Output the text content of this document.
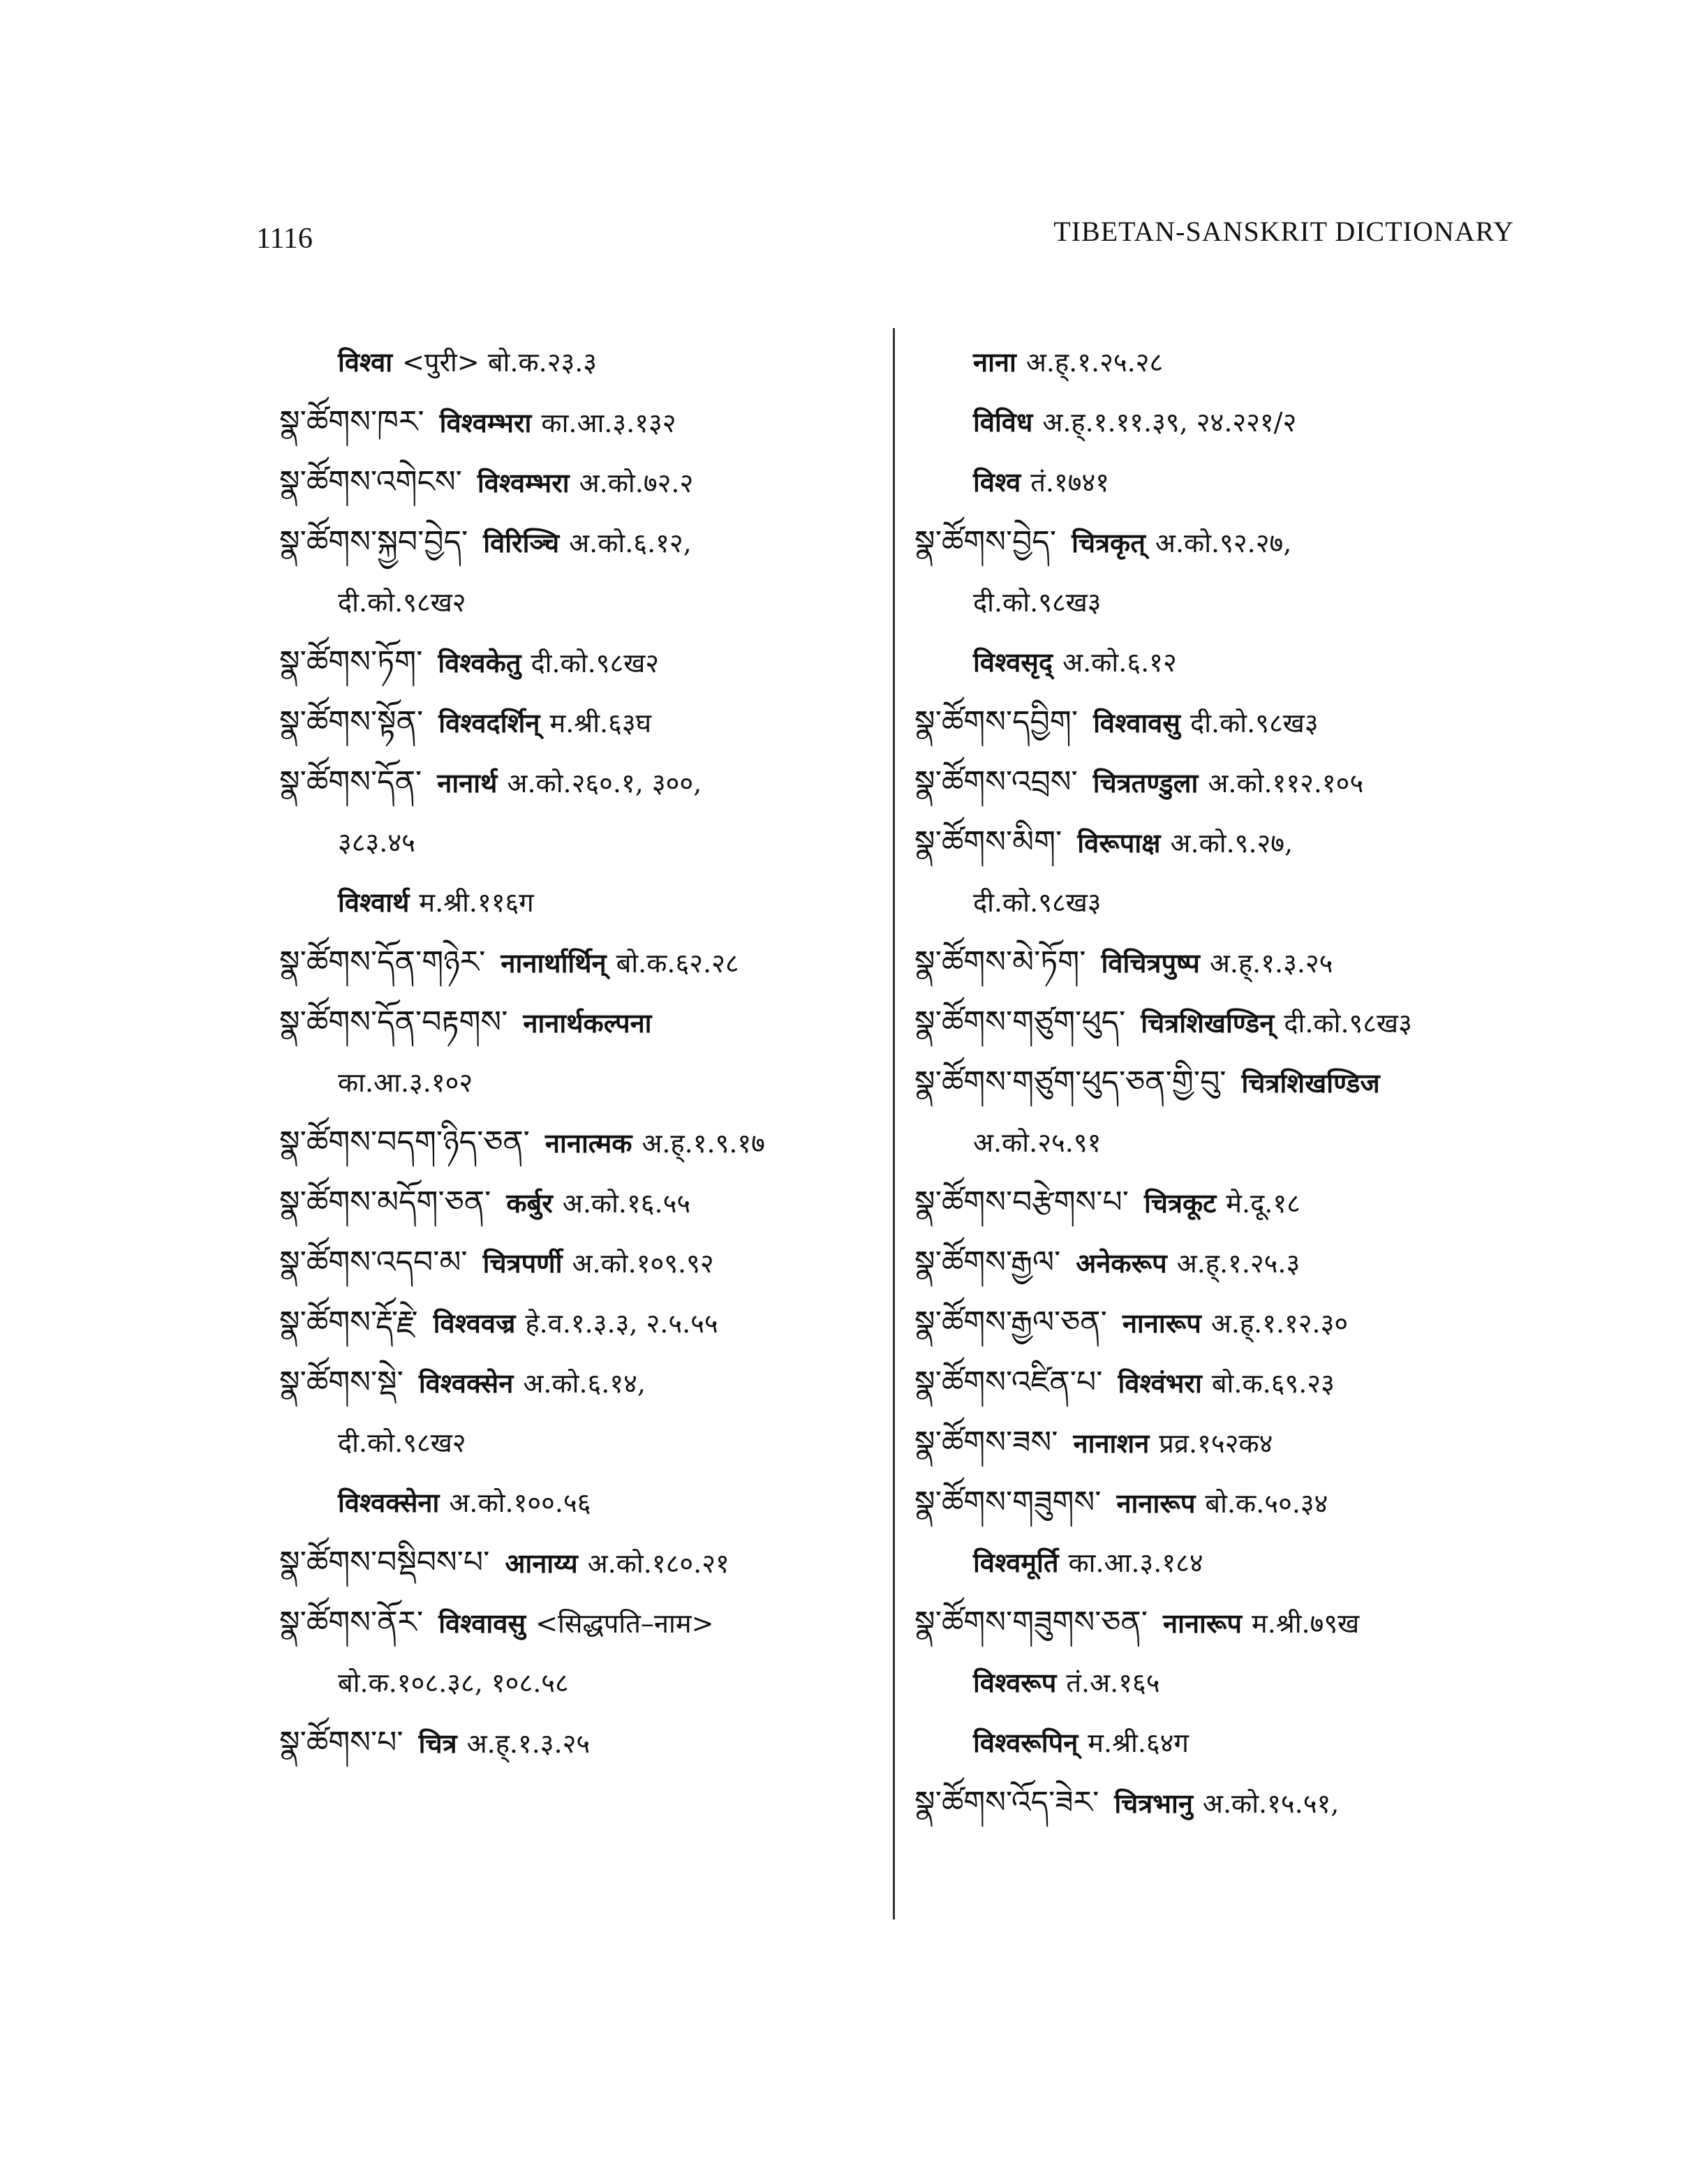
1116	TIBETAN-SANSKRIT DICTIONARY
विश्वा <पुरी> बो.क.२३.३
སྣ་ཚོགས་ཁར་ विश्वम्भरा का.आ.३.१३२
སྣ་ཚོགས་འགེངས་ विश्वम्भरा अ.को.७२.२
སྣ་ཚོགས་སྐྱབ་བྱེད་ विरिञ्चि अ.को.६.१२,
दी.को.९८ख२
སྣ་ཚོགས་ཏོག་ विश्वकेतु दी.को.९८ख२
སྣ་ཚོགས་སྟོན་ विश्वदर्शिन् म.श्री.६३घ
སྣ་ཚོགས་དོན་ नानार्थ अ.को.२६०.१, ३००,
३८३.४५
विश्वार्थ म.श्री.११६ग
སྣ་ཚོགས་དོན་གཉེར་ नानार्थार्थिन् बो.क.६२.२८
སྣ་ཚོགས་དོན་བརྟགས་ नानार्थकल्पना
का.आ.३.१०२
སྣ་ཚོགས་བདག་ཉིད་ཅན་ नानात्मक अ.ह्.१.९.१७
སྣ་ཚོགས་མདོག་ཅན་ कर्बुर अ.को.१६.५५
སྣ་ཚོགས་འདབ་མ་ चित्रपर्णी अ.को.१०९.९२
སྣ་ཚོགས་རྡོ་རྗེ་ विश्ववज्र हे.व.१.३.३, २.५.५५
སྣ་ཚོགས་སྡེ་ विश्वक्सेन अ.को.६.१४,
दी.को.९८ख२
विश्वक्सेना अ.को.१००.५६
སྣ་ཚོགས་བསྡིབས་པ་ आनाय्य अ.को.१८०.२१
སྣ་ཚོགས་ནོར་ विश्वावसु <सिद्धपति–नाम>
बो.क.१०८.३८, १०८.५८
སྣ་ཚོགས་པ་ चित्र अ.ह्.१.३.२५
नाना अ.ह्.१.२५.२८
विविध अ.ह्.१.११.३९, २४.२२१/२
विश्व तं.१७४१
སྣ་ཚོགས་བྱེད་ चित्रकृत् अ.को.९२.२७,
दी.को.९८ख३
विश्वसृद् अ.को.६.१२
སྣ་ཚོགས་དབྱིག་ विश्वावसु दी.को.९८ख३
སྣ་ཚོགས་འབྲས་ चित्रतण्डुला अ.को.११२.१०५
སྣ་ཚོགས་མིག་ विरूपाक्ष अ.को.९.२७,
दी.को.९८ख३
སྣ་ཚོགས་མེ་ཏོག་ विचित्रपुष्प अ.ह्.१.३.२५
སྣ་ཚོགས་གཙུག་ཕུད་ चित्रशिखण्डिन् दी.को.९८ख३
སྣ་ཚོགས་གཙུག་ཕུད་ཅན་གྱི་བུ་ चित्रशिखण्डिज
अ.को.२५.९१
སྣ་ཚོགས་བརྩེགས་པ་ चित्रकूट मे.दू.१८
སྣ་ཚོགས་རྒྱལ་ अनेकरूप अ.ह्.१.२५.३
སྣ་ཚོགས་རྒྱལ་ཅན་ नानारूप अ.ह्.१.१२.३०
སྣ་ཚོགས་འཛིན་པ་ विश्वंभरा बो.क.६९.२३
སྣ་ཚོགས་ཟས་ नानाशन प्रव्र.१५२क४
སྣ་ཚོགས་གཟུགས་ नानारूप बो.क.५०.३४
विश्वमूर्ति का.आ.३.१८४
སྣ་ཚོགས་གཟུགས་ཅན་ नानारूप म.श्री.७९ख
विश्वरूप तं.अ.१६५
विश्वरूपिन् म.श्री.६४ग
སྣ་ཚོགས་འོད་ཟེར་ चित्रभानु अ.को.१५.५१,
